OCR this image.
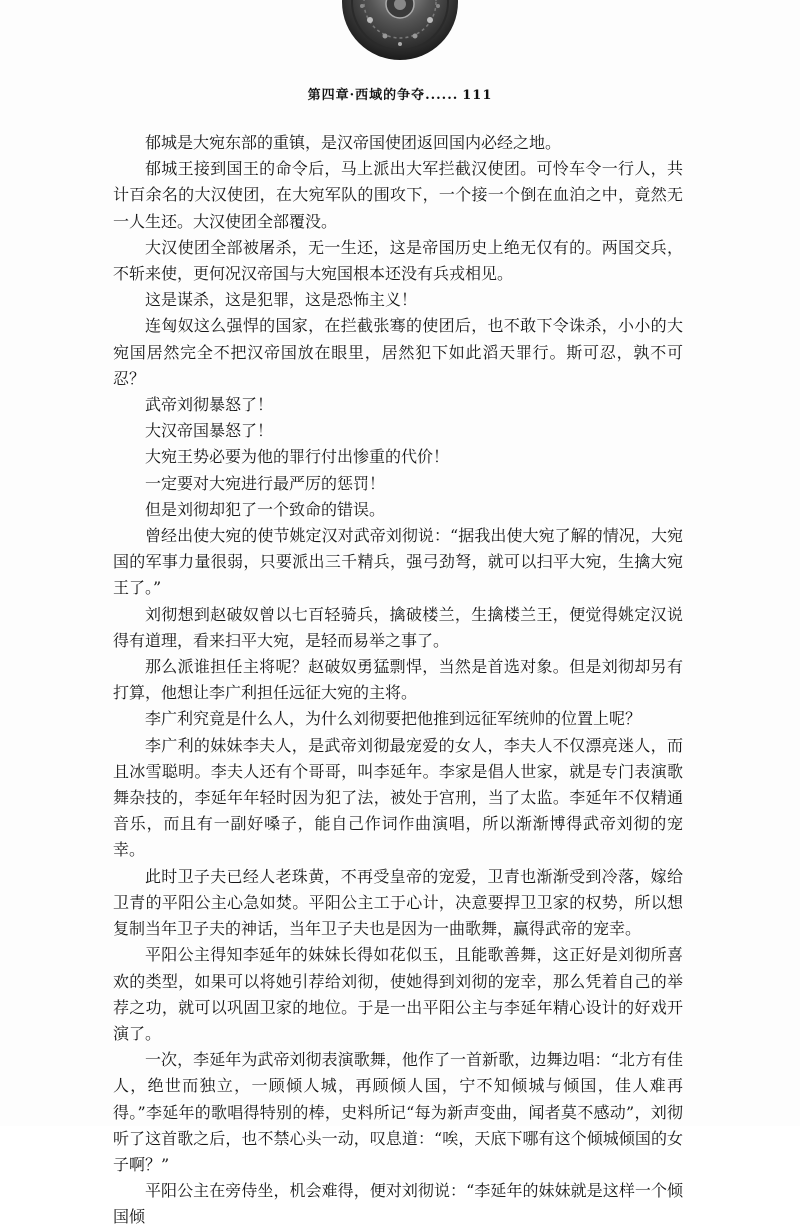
第四章·西域的争夺...... 111

郁城是大宛东部的重镇，是汉帝国使团返回国内必经之地。

郁城王接到国王的命令后，马上派出大军拦截汉使团。可怜车令一行人，共计百余名的大汉使团，在大宛军队的围攻下，一个接一个倒在血泊之中，竟然无一人生还。大汉使团全部覆没。

大汉使团全部被屠杀，无一生还，这是帝国历史上绝无仅有的。两国交兵，不斩来使，更何况汉帝国与大宛国根本还没有兵戎相见。

这是谋杀，这是犯罪，这是恐怖主义！

连匈奴这么强悍的国家，在拦截张骞的使团后，也不敢下令诛杀，小小的大宛国居然完全不把汉帝国放在眼里，居然犯下如此滔天罪行。斯可忍，孰不可忍？

武帝刘彻暴怒了！

大汉帝国暴怒了！

大宛王势必要为他的罪行付出惨重的代价！

一定要对大宛进行最严厉的惩罚！

但是刘彻却犯了一个致命的错误。

曾经出使大宛的使节姚定汉对武帝刘彻说：“据我出使大宛了解的情况，大宛国的军事力量很弱，只要派出三千精兵，强弓劲弩，就可以扫平大宛，生擒大宛王了。”

刘彻想到赵破奴曾以七百轻骑兵，擒破楼兰，生擒楼兰王，便觉得姚定汉说得有道理，看来扫平大宛，是轻而易举之事了。

那么派谁担任主将呢？赵破奴勇猛剽悍，当然是首选对象。但是刘彻却另有打算，他想让李广利担任远征大宛的主将。

李广利究竟是什么人，为什么刘彻要把他推到远征军统帅的位置上呢？

李广利的妹妹李夫人，是武帝刘彻最宠爱的女人，李夫人不仅漂亮迷人，而且冰雪聪明。李夫人还有个哥哥，叫李延年。李家是倡人世家，就是专门表演歌舞杂技的，李延年年轻时因为犯了法，被处于宫刑，当了太监。李延年不仅精通音乐，而且有一副好嗓子，能自己作词作曲演唱，所以渐渐博得武帝刘彻的宠幸。

此时卫子夫已经人老珠黄，不再受皇帝的宠爱，卫青也渐渐受到冷落，嫁给卫青的平阳公主心急如焚。平阳公主工于心计，决意要捍卫卫家的权势，所以想复制当年卫子夫的神话，当年卫子夫也是因为一曲歌舞，赢得武帝的宠幸。

平阳公主得知李延年的妹妹长得如花似玉，且能歌善舞，这正好是刘彻所喜欢的类型，如果可以将她引荐给刘彻，使她得到刘彻的宠幸，那么凭着自己的举荐之功，就可以巩固卫家的地位。于是一出平阳公主与李延年精心设计的好戏开演了。

一次，李延年为武帝刘彻表演歌舞，他作了一首新歌，边舞边唱：“北方有佳人，绝世而独立，一顾倾人城，再顾倾人国，宁不知倾城与倾国，佳人难再得。”李延年的歌唱得特别的棒，史料所记“每为新声变曲，闻者莫不感动”，刘彻听了这首歌之后，也不禁心头一动，叹息道：“唉，天底下哪有这个倾城倾国的女子啊？”

平阳公主在旁侍坐，机会难得，便对刘彻说：“李延年的妹妹就是这样一个倾国倾
